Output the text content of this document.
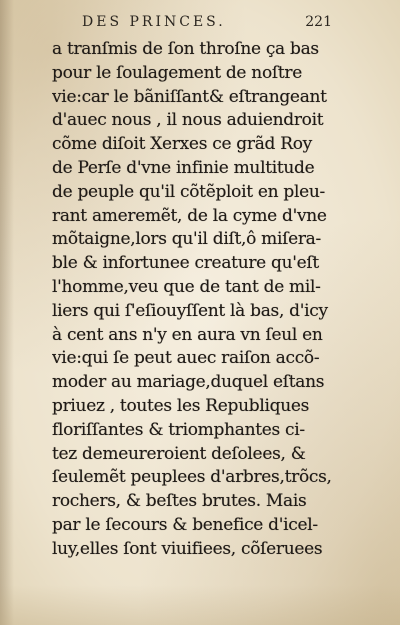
DES PRINCES.	221
a tranſmis de ſon throſne ça bas
pour le ſoulagement de noſtre
vie:car le bãniſſant& eſtrangeant
d'auec nous , il nous aduiendroit
cõme diſoit Xerxes ce grãd Roy
de Perſe d'vne infinie multitude
de peuple qu'il cõtẽploit en pleu-
rant ameremẽt, de la cyme d'vne
mõtaigne,lors qu'il diſt,ô miſera-
ble & infortunee creature qu'eſt
l'homme,veu que de tant de mil-
liers qui ſ'eſiouyſſent là bas, d'icy
à cent ans n'y en aura vn ſeul en
vie:qui ſe peut auec raiſon accõ-
moder au mariage,duquel eſtans
priuez , toutes les Republiques
floriſſantes & triomphantes ci-
tez demeureroient deſolees, &
ſeulemẽt peuplees d'arbres,trõcs,
rochers, & beſtes brutes. Mais
par le ſecours & benefice d'icel-
luy,elles ſont viuifiees, cõſeruees
